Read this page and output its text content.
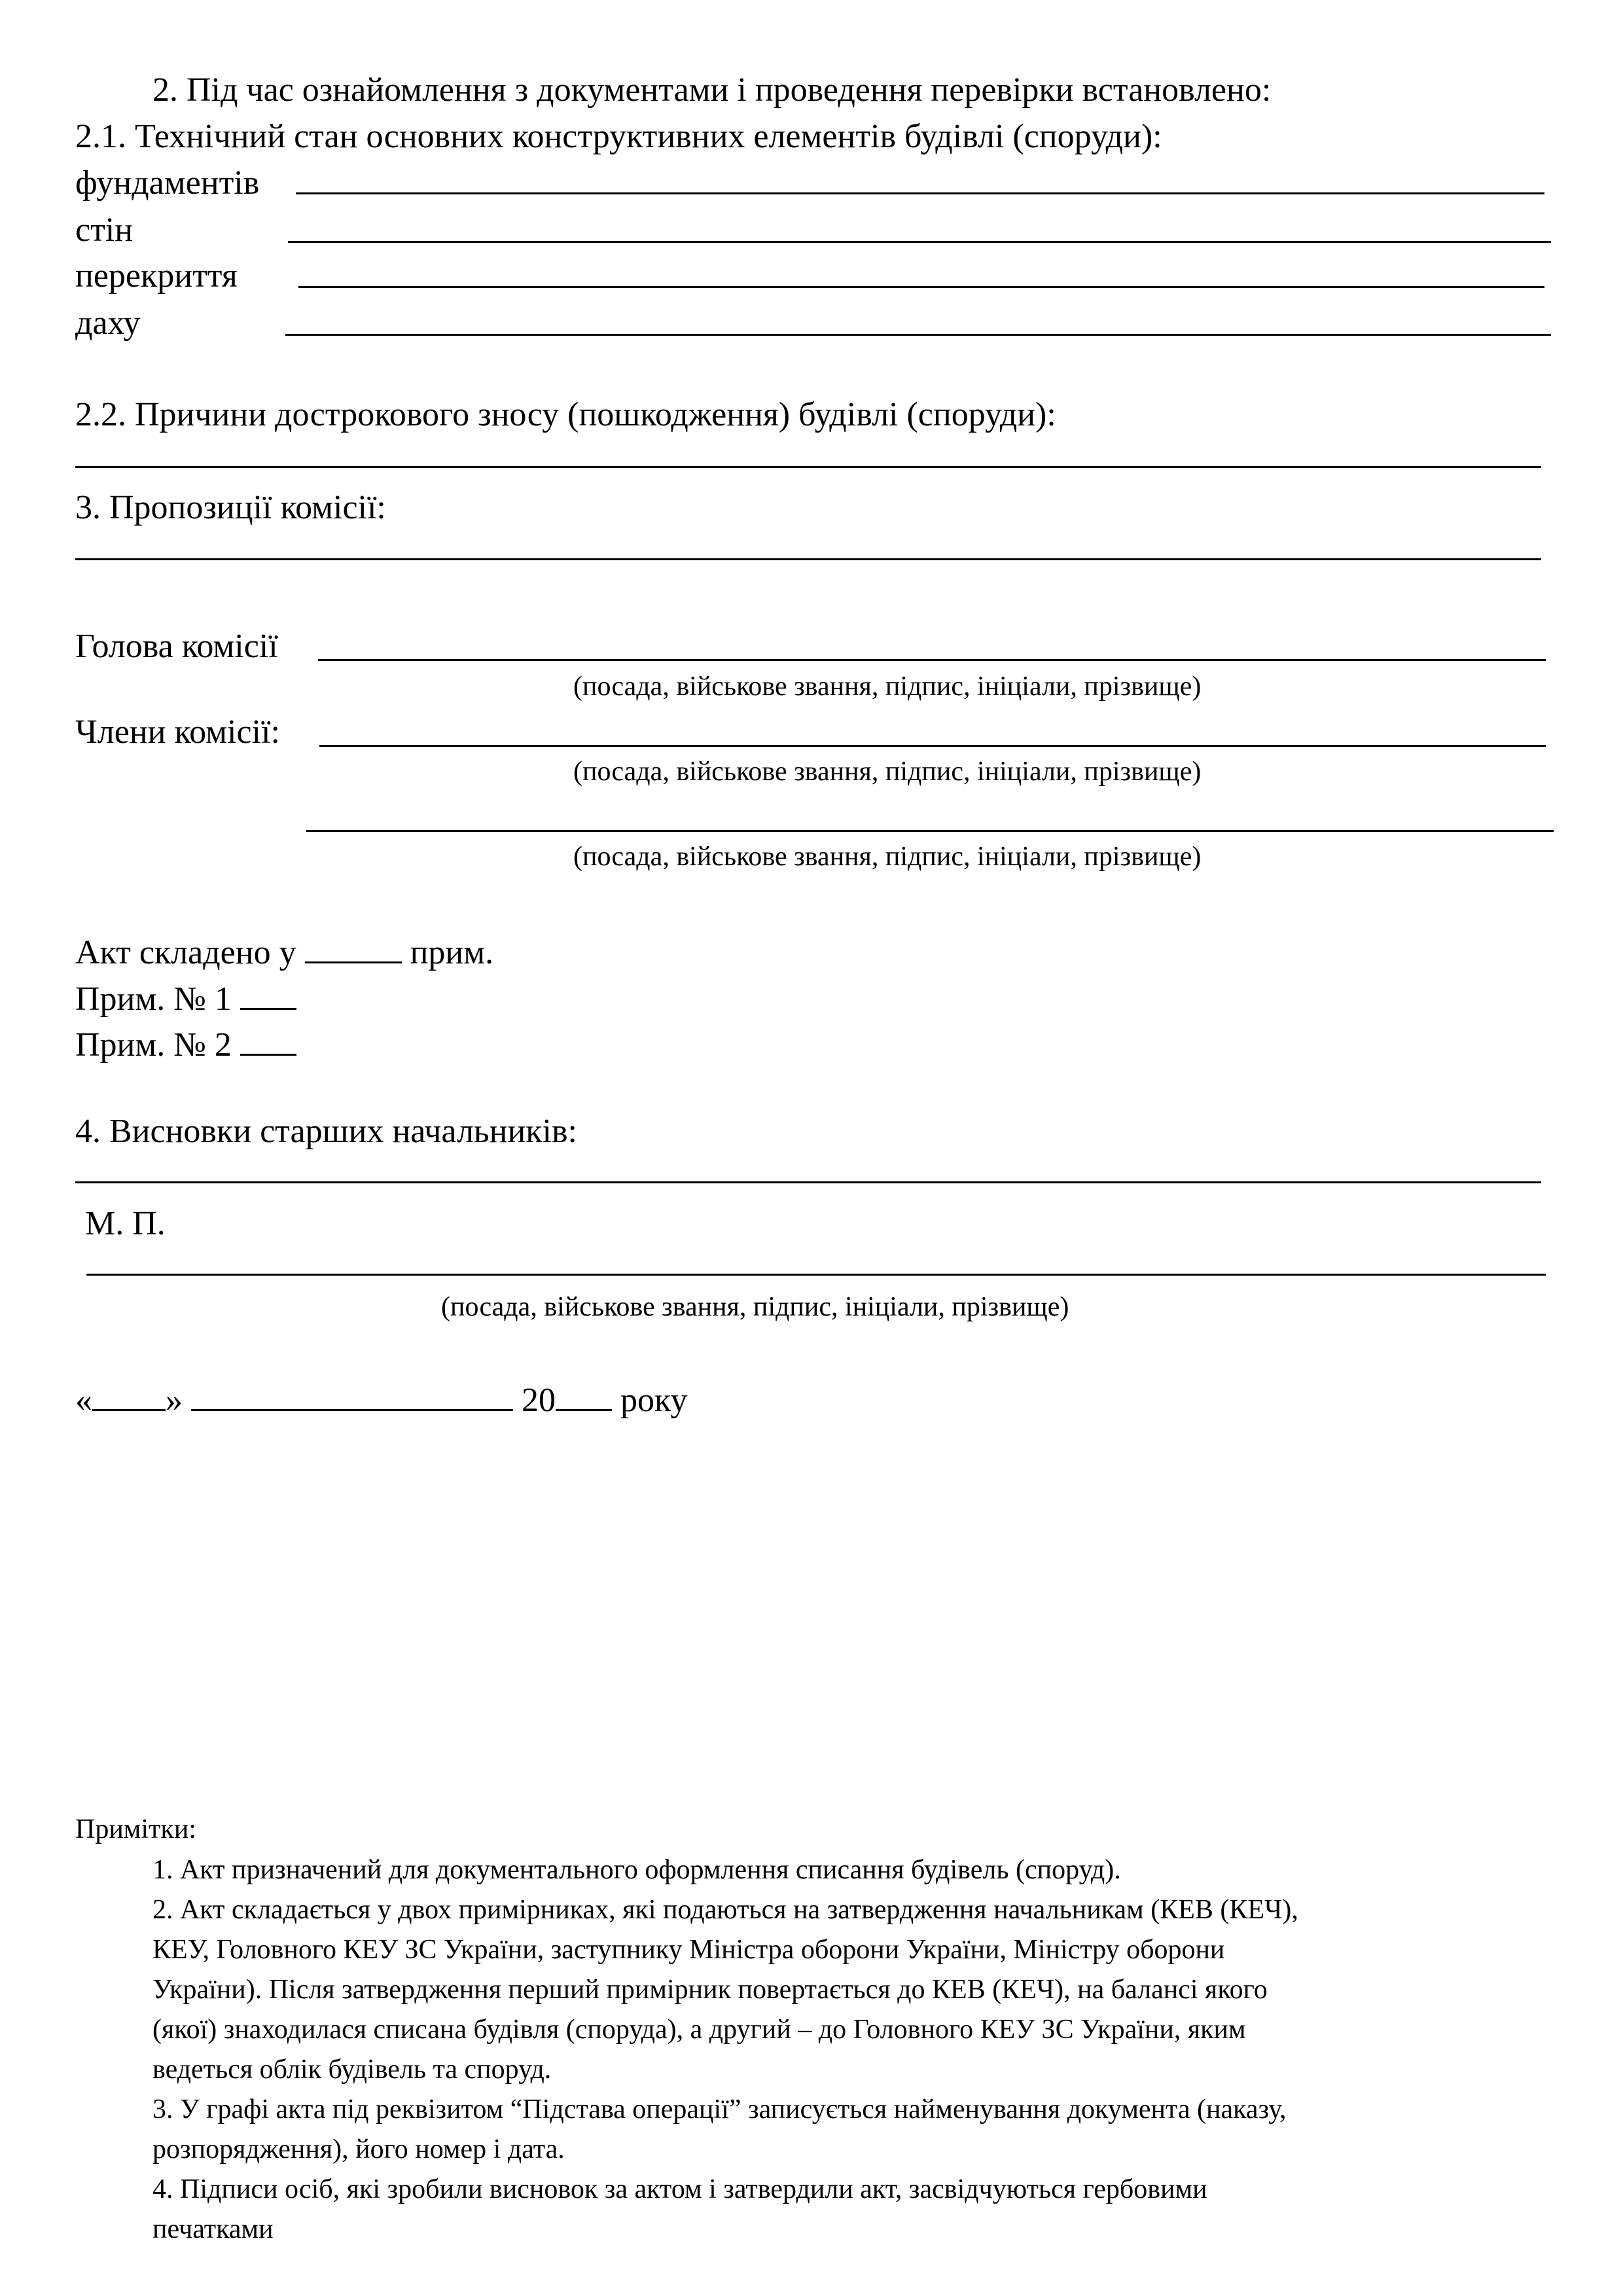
2. Під час ознайомлення з документами і проведення перевірки встановлено:
2.1. Технічний стан основних конструктивних елементів будівлі (споруди):
фундаментів
стін
перекриття
даху
2.2. Причини дострокового зносу (пошкодження) будівлі (споруди):
3. Пропозиції комісії:
Голова комісії
(посада, військове звання, підпис, ініціали, прізвище)
Члени комісії:
(посада, військове звання, підпис, ініціали, прізвище)
(посада, військове звання, підпис, ініціали, прізвище)
Акт складено у	прим.
Прим. № 1
Прим. № 2
4. Висновки старших начальників:
М. П.
(посада, військове звання, підпис, ініціали, прізвище)
« »	20 року
Примітки:
1. Акт призначений для документального оформлення списання будівель (споруд).
2. Акт складається у двох примірниках, які подаються на затвердження начальникам (КЕВ (КЕЧ),
КЕУ, Головного КЕУ ЗС України, заступнику Міністра оборони України, Міністру оборони
України). Після затвердження перший примірник повертається до КЕВ (КЕЧ), на балансі якого
(якої) знаходилася списана будівля (споруда), а другий – до Головного КЕУ ЗС України, яким
ведеться облік будівель та споруд.
3. У графі акта під реквізитом “Підстава операції” записується найменування документа (наказу,
розпорядження), його номер і дата.
4. Підписи осіб, які зробили висновок за актом і затвердили акт, засвідчуються гербовими
печатками
